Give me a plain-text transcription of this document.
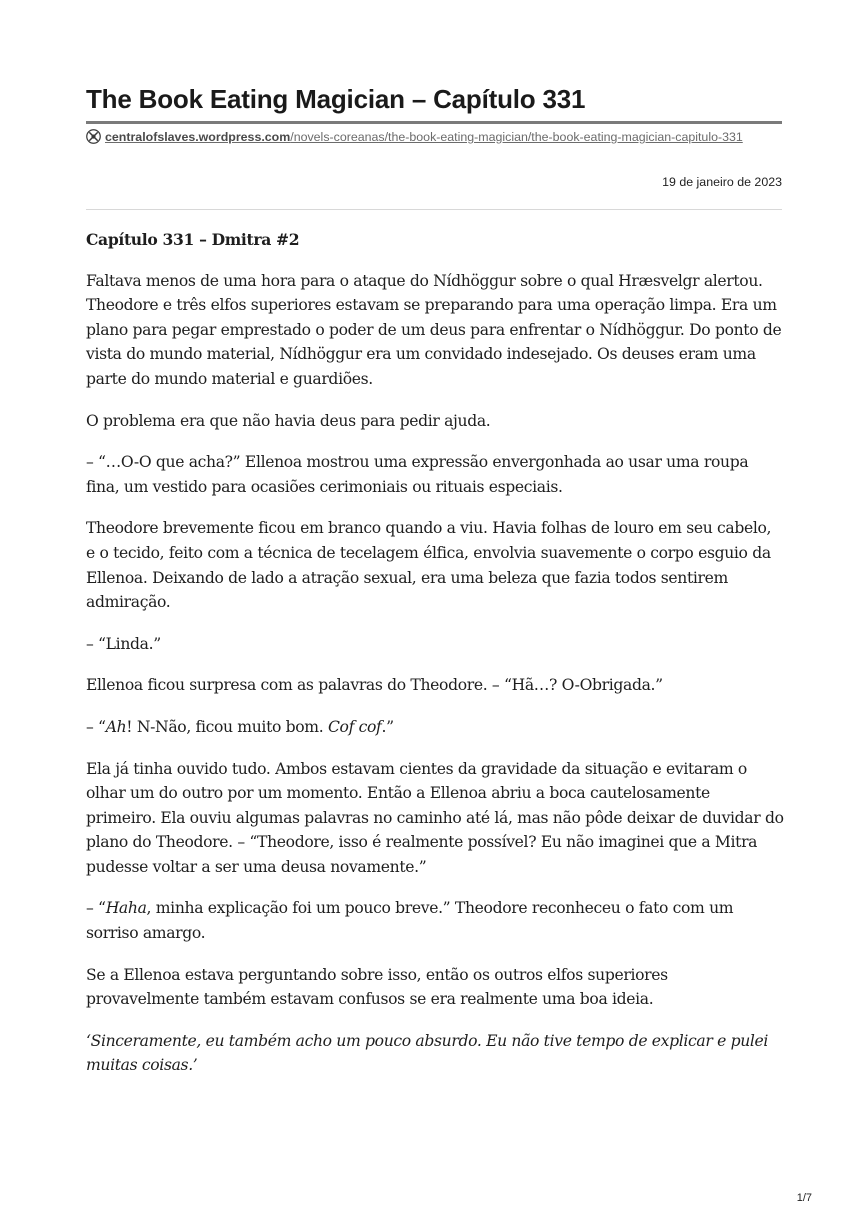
The Book Eating Magician – Capítulo 331
centralofslaves.wordpress.com/novels-coreanas/the-book-eating-magician/the-book-eating-magician-capitulo-331
19 de janeiro de 2023

Capítulo 331 – Dmitra #2

Faltava menos de uma hora para o ataque do Nídhöggur sobre o qual Hræsvelgr alertou. Theodore e três elfos superiores estavam se preparando para uma operação limpa. Era um plano para pegar emprestado o poder de um deus para enfrentar o Nídhöggur. Do ponto de vista do mundo material, Nídhöggur era um convidado indesejado. Os deuses eram uma parte do mundo material e guardiões.

O problema era que não havia deus para pedir ajuda.

– “…O-O que acha?” Ellenoa mostrou uma expressão envergonhada ao usar uma roupa fina, um vestido para ocasiões cerimoniais ou rituais especiais.

Theodore brevemente ficou em branco quando a viu. Havia folhas de louro em seu cabelo, e o tecido, feito com a técnica de tecelagem élfica, envolvia suavemente o corpo esguio da Ellenoa. Deixando de lado a atração sexual, era uma beleza que fazia todos sentirem admiração.

– “Linda.”

Ellenoa ficou surpresa com as palavras do Theodore. – “Hã…? O-Obrigada.”

– “Ah! N-Não, ficou muito bom. Cof cof.”

Ela já tinha ouvido tudo. Ambos estavam cientes da gravidade da situação e evitaram o olhar um do outro por um momento. Então a Ellenoa abriu a boca cautelosamente primeiro. Ela ouviu algumas palavras no caminho até lá, mas não pôde deixar de duvidar do plano do Theodore. – “Theodore, isso é realmente possível? Eu não imaginei que a Mitra pudesse voltar a ser uma deusa novamente.”

– “Haha, minha explicação foi um pouco breve.” Theodore reconheceu o fato com um sorriso amargo.

Se a Ellenoa estava perguntando sobre isso, então os outros elfos superiores provavelmente também estavam confusos se era realmente uma boa ideia.

‘Sinceramente, eu também acho um pouco absurdo. Eu não tive tempo de explicar e pulei muitas coisas.’

1/7
